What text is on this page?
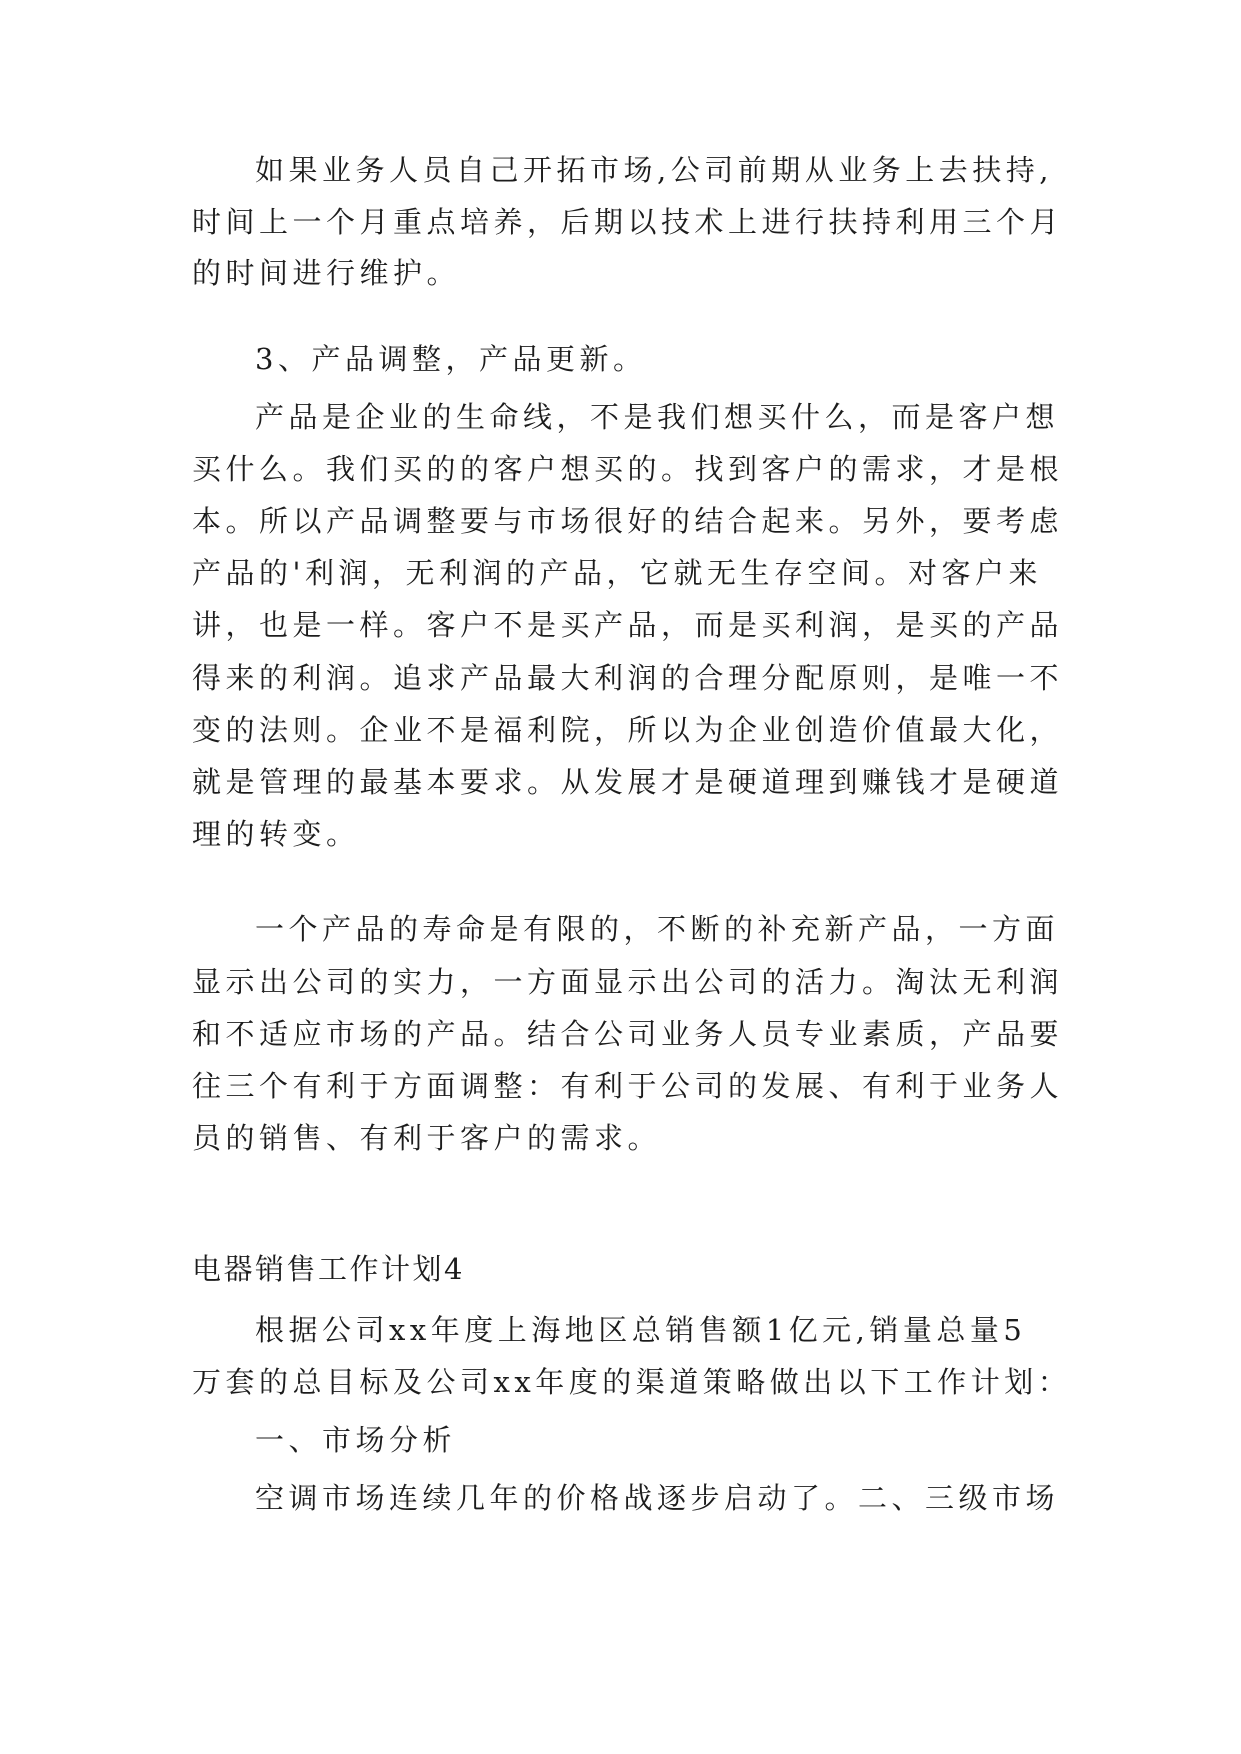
如果业务人员自己开拓市场,公司前期从业务上去扶持,
时间上一个月重点培养，后期以技术上进行扶持利用三个月
的时间进行维护。
3、产品调整，产品更新。
产品是企业的生命线，不是我们想买什么，而是客户想
买什么。我们买的的客户想买的。找到客户的需求，才是根
本。所以产品调整要与市场很好的结合起来。另外，要考虑
产品的'利润，无利润的产品，它就无生存空间。对客户来
讲，也是一样。客户不是买产品，而是买利润，是买的产品
得来的利润。追求产品最大利润的合理分配原则，是唯一不
变的法则。企业不是福利院，所以为企业创造价值最大化，
就是管理的最基本要求。从发展才是硬道理到赚钱才是硬道
理的转变。
一个产品的寿命是有限的，不断的补充新产品，一方面
显示出公司的实力，一方面显示出公司的活力。淘汰无利润
和不适应市场的产品。结合公司业务人员专业素质，产品要
往三个有利于方面调整：有利于公司的发展、有利于业务人
员的销售、有利于客户的需求。
电器销售工作计划4
根据公司xx年度上海地区总销售额1亿元,销量总量5
万套的总目标及公司xx年度的渠道策略做出以下工作计划：
一、市场分析
空调市场连续几年的价格战逐步启动了。二、三级市场
